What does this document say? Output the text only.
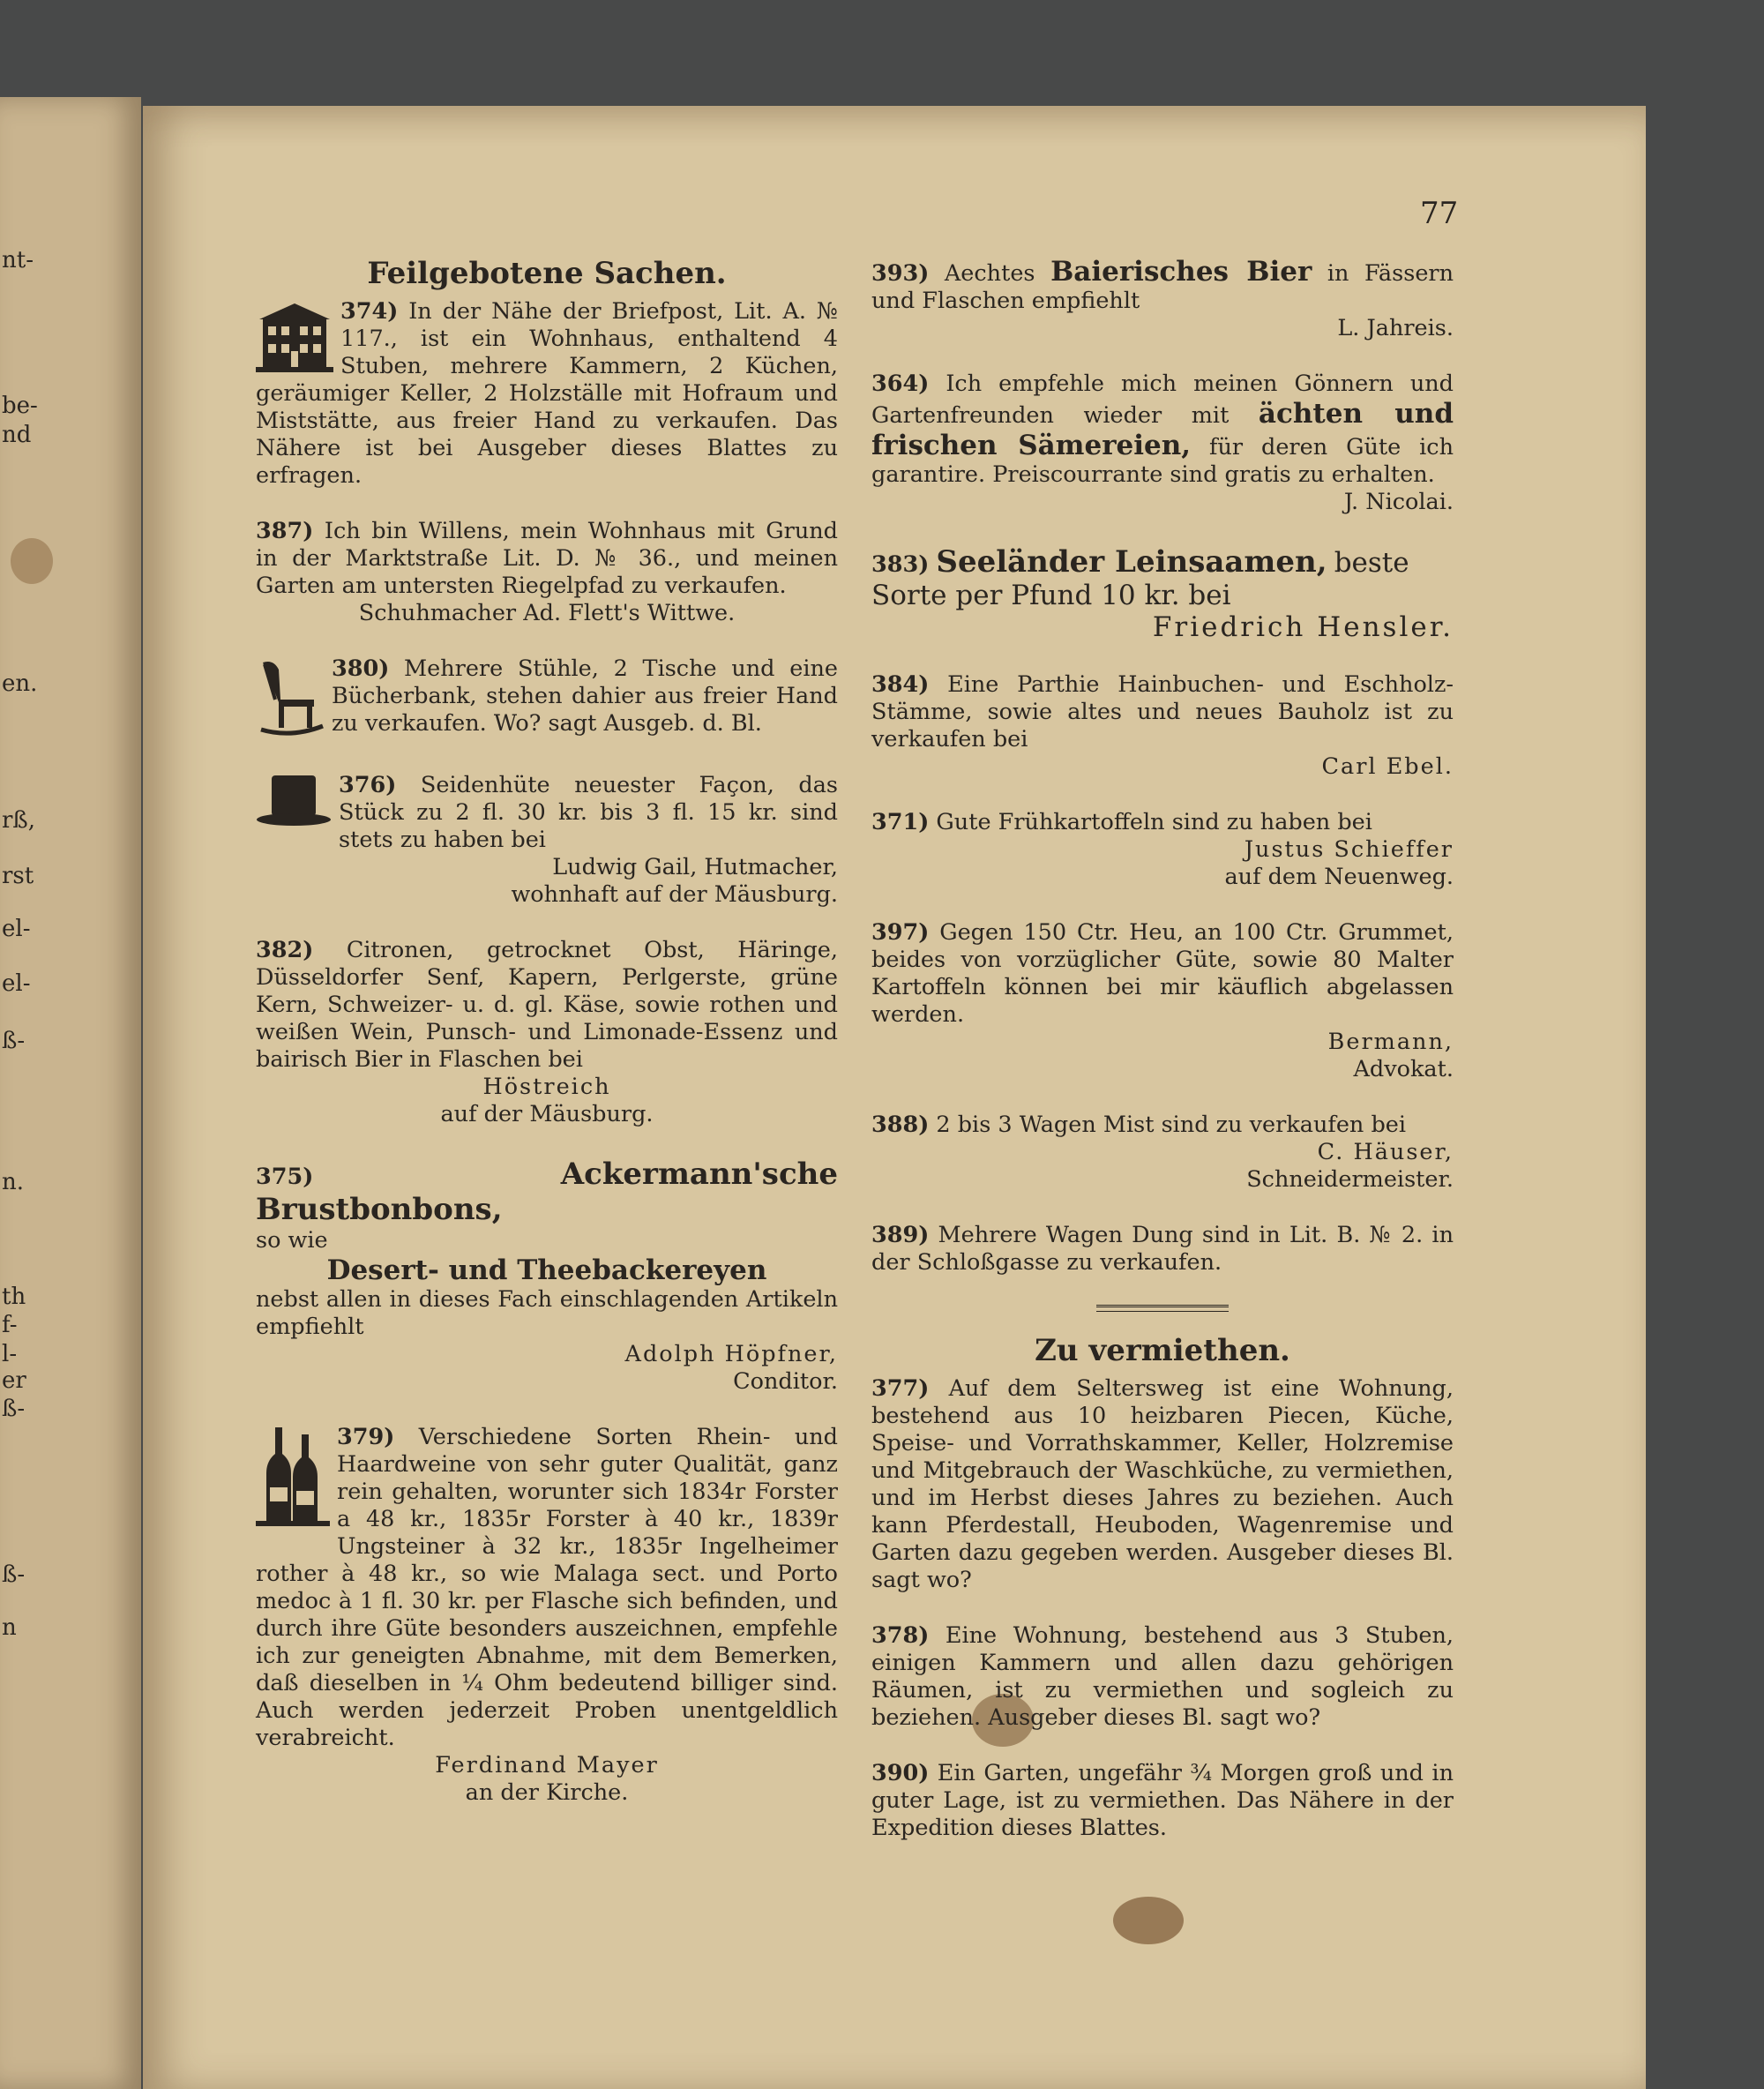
nt-
be-
nd
en.
rß,
rst
el-
el-
ß-
n.
th
f-
l-
er
ß-
ß-
n
77
Feilgebotene Sachen.
374) In der Nähe der Briefpost, Lit. A. № 117., ist ein Wohnhaus, enthaltend 4 Stuben, mehrere Kammern, 2 Küchen, geräumiger Keller, 2 Holzställe mit Hofraum und Miststätte, aus freier Hand zu verkaufen. Das Nähere ist bei Ausgeber dieses Blattes zu erfragen.
387) Ich bin Willens, mein Wohnhaus mit Grund in der Marktstraße Lit. D. № 36., und meinen Garten am untersten Riegelpfad zu verkaufen.
Schuhmacher Ad. Flett's Wittwe.
380) Mehrere Stühle, 2 Tische und eine Bücherbank, stehen dahier aus freier Hand zu verkaufen. Wo? sagt Ausgeb. d. Bl.
376) Seidenhüte neuester Façon, das Stück zu 2 fl. 30 kr. bis 3 fl. 15 kr. sind stets zu haben bei
Ludwig Gail, Hutmacher,
wohnhaft auf der Mäusburg.
382) Citronen, getrocknet Obst, Häringe, Düsseldorfer Senf, Kapern, Perlgerste, grüne Kern, Schweizer- u. d. gl. Käse, sowie rothen und weißen Wein, Punsch- und Limonade-Essenz und bairisch Bier in Flaschen bei
Höstreich
auf der Mäusburg.
375)	Ackermann'sche Brustbonbons,
so wie
Desert- und Theebackereyen
nebst allen in dieses Fach einschlagenden Artikeln empfiehlt
Adolph Höpfner,
Conditor.
379) Verschiedene Sorten Rhein- und Haardweine von sehr guter Qualität, ganz rein gehalten, worunter sich 1834r Forster a 48 kr., 1835r Forster à 40 kr., 1839r Ungsteiner à 32 kr., 1835r Ingelheimer rother à 48 kr., so wie Malaga sect. und Porto medoc à 1 fl. 30 kr. per Flasche sich befinden, und durch ihre Güte besonders auszeichnen, empfehle ich zur geneigten Abnahme, mit dem Bemerken, daß dieselben in ¼ Ohm bedeutend billiger sind. Auch werden jederzeit Proben unentgeldlich verabreicht.
Ferdinand Mayer
an der Kirche.
393) Aechtes Baierisches Bier in Fässern und Flaschen empfiehlt
L. Jahreis.
364) Ich empfehle mich meinen Gönnern und Gartenfreunden wieder mit ächten und frischen Sämereien, für deren Güte ich garantire. Preiscourrante sind gratis zu erhalten.
J. Nicolai.
383) Seeländer Leinsaamen, beste
Sorte per Pfund 10 kr. bei
Friedrich Hensler.
384) Eine Parthie Hainbuchen- und Eschholz-Stämme, sowie altes und neues Bauholz ist zu verkaufen bei
Carl Ebel.
371) Gute Frühkartoffeln sind zu haben bei
Justus Schieffer
auf dem Neuenweg.
397) Gegen 150 Ctr. Heu, an 100 Ctr. Grummet, beides von vorzüglicher Güte, sowie 80 Malter Kartoffeln können bei mir käuflich abgelassen werden.
Bermann,
Advokat.
388) 2 bis 3 Wagen Mist sind zu verkaufen bei
C. Häuser,
Schneidermeister.
389) Mehrere Wagen Dung sind in Lit. B. № 2. in der Schloßgasse zu verkaufen.
Zu vermiethen.
377) Auf dem Seltersweg ist eine Wohnung, bestehend aus 10 heizbaren Piecen, Küche, Speise- und Vorrathskammer, Keller, Holzremise und Mitgebrauch der Waschküche, zu vermiethen, und im Herbst dieses Jahres zu beziehen. Auch kann Pferdestall, Heuboden, Wagenremise und Garten dazu gegeben werden. Ausgeber dieses Bl. sagt wo?
378) Eine Wohnung, bestehend aus 3 Stuben, einigen Kammern und allen dazu gehörigen Räumen, ist zu vermiethen und sogleich zu beziehen. Ausgeber dieses Bl. sagt wo?
390) Ein Garten, ungefähr ¾ Morgen groß und in guter Lage, ist zu vermiethen. Das Nähere in der Expedition dieses Blattes.
